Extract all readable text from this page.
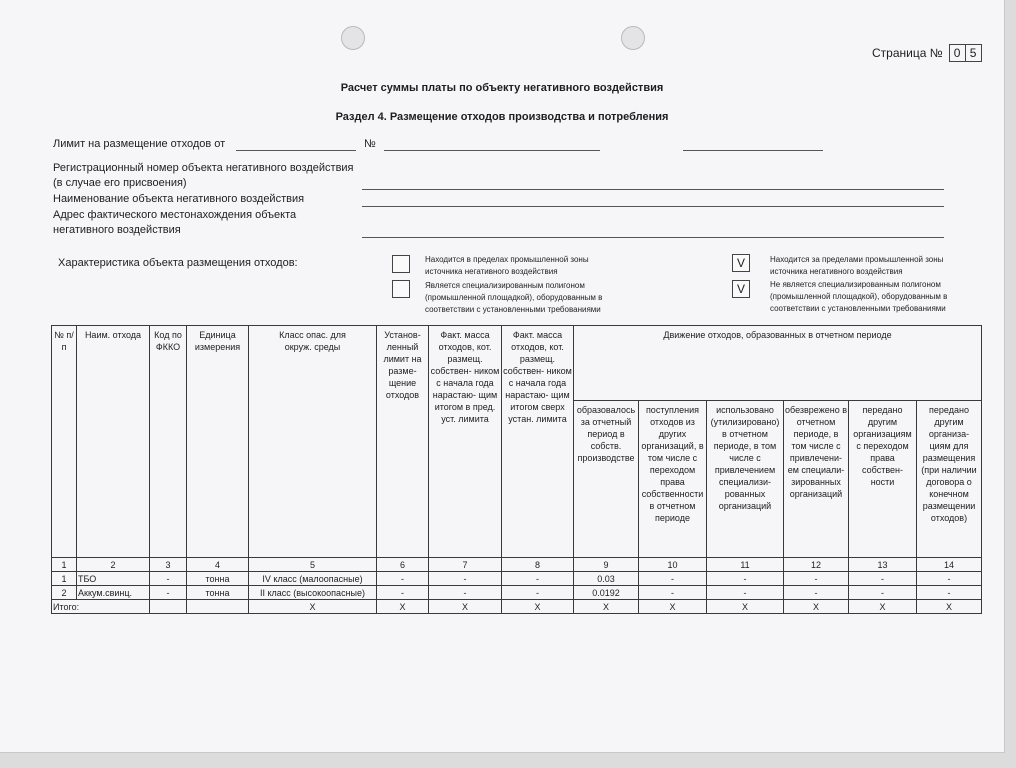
Страница № 0 5
Расчет суммы платы по объекту негативного воздействия
Раздел 4. Размещение отходов производства и потребления
Лимит на размещение отходов от	№
Регистрационный номер объекта негативного воздействия
(в случае его присвоения)
Наименование объекта негативного воздействия
Адрес фактического местонахождения объекта
негативного воздействия
Характеристика объекта размещения отходов:	Находится в пределах промышленной зоны
источника негативного воздействия
Является специализированным полигоном
(промышленной площадкой), оборудованным в
соответствии с установленными требованиями
V	Находится за пределами промышленной зоны
источника негативного воздействия
V	Не является специализированным полигоном
(промышленной площадкой), оборудованным в
соответствии с установленными требованиями
№ п/п	Наим. отхода	Код по ФККО	Единица измерения	Класс опас. для окруж. среды	Установ- ленный лимит на разме- щение отходов	Факт. масса отходов, кот. размещ. собствен- ником с начала года нарастаю- щим итогом в пред. уст. лимита	Факт. масса отходов, кот. размещ. собствен- ником с начала года нарастаю- щим итогом сверх устан. лимита	Движение отходов, образованных в отчетном периоде					
								образовалось за отчетный период в собств. производстве	поступления отходов из других организаций, в том числе с переходом права собственности в отчетном периоде	использовано (утилизировано) в отчетном периоде, в том числе с привлечением специализи- рованных организаций	обезврежено в отчетном периоде, в том числе с привлечени- ем специали- зированных организаций	передано другим организациям с переходом права собствен- ности	передано другим организа- циям для размещения (при наличии договора о конечном размещении отходов)
1	2	3	4	5	6	7	8	9	10	11	12	13	14
1	ТБО	-	тонна	IV класс (малоопасные)	-	-	-	0.03	-	-	-	-	-
2	Аккум.свинц.	-	тонна	II класс (высокоопасные)	-	-	-	0.0192	-	-	-	-	-
Итого:				X	X	X	X	X	X	X	X	X	X
